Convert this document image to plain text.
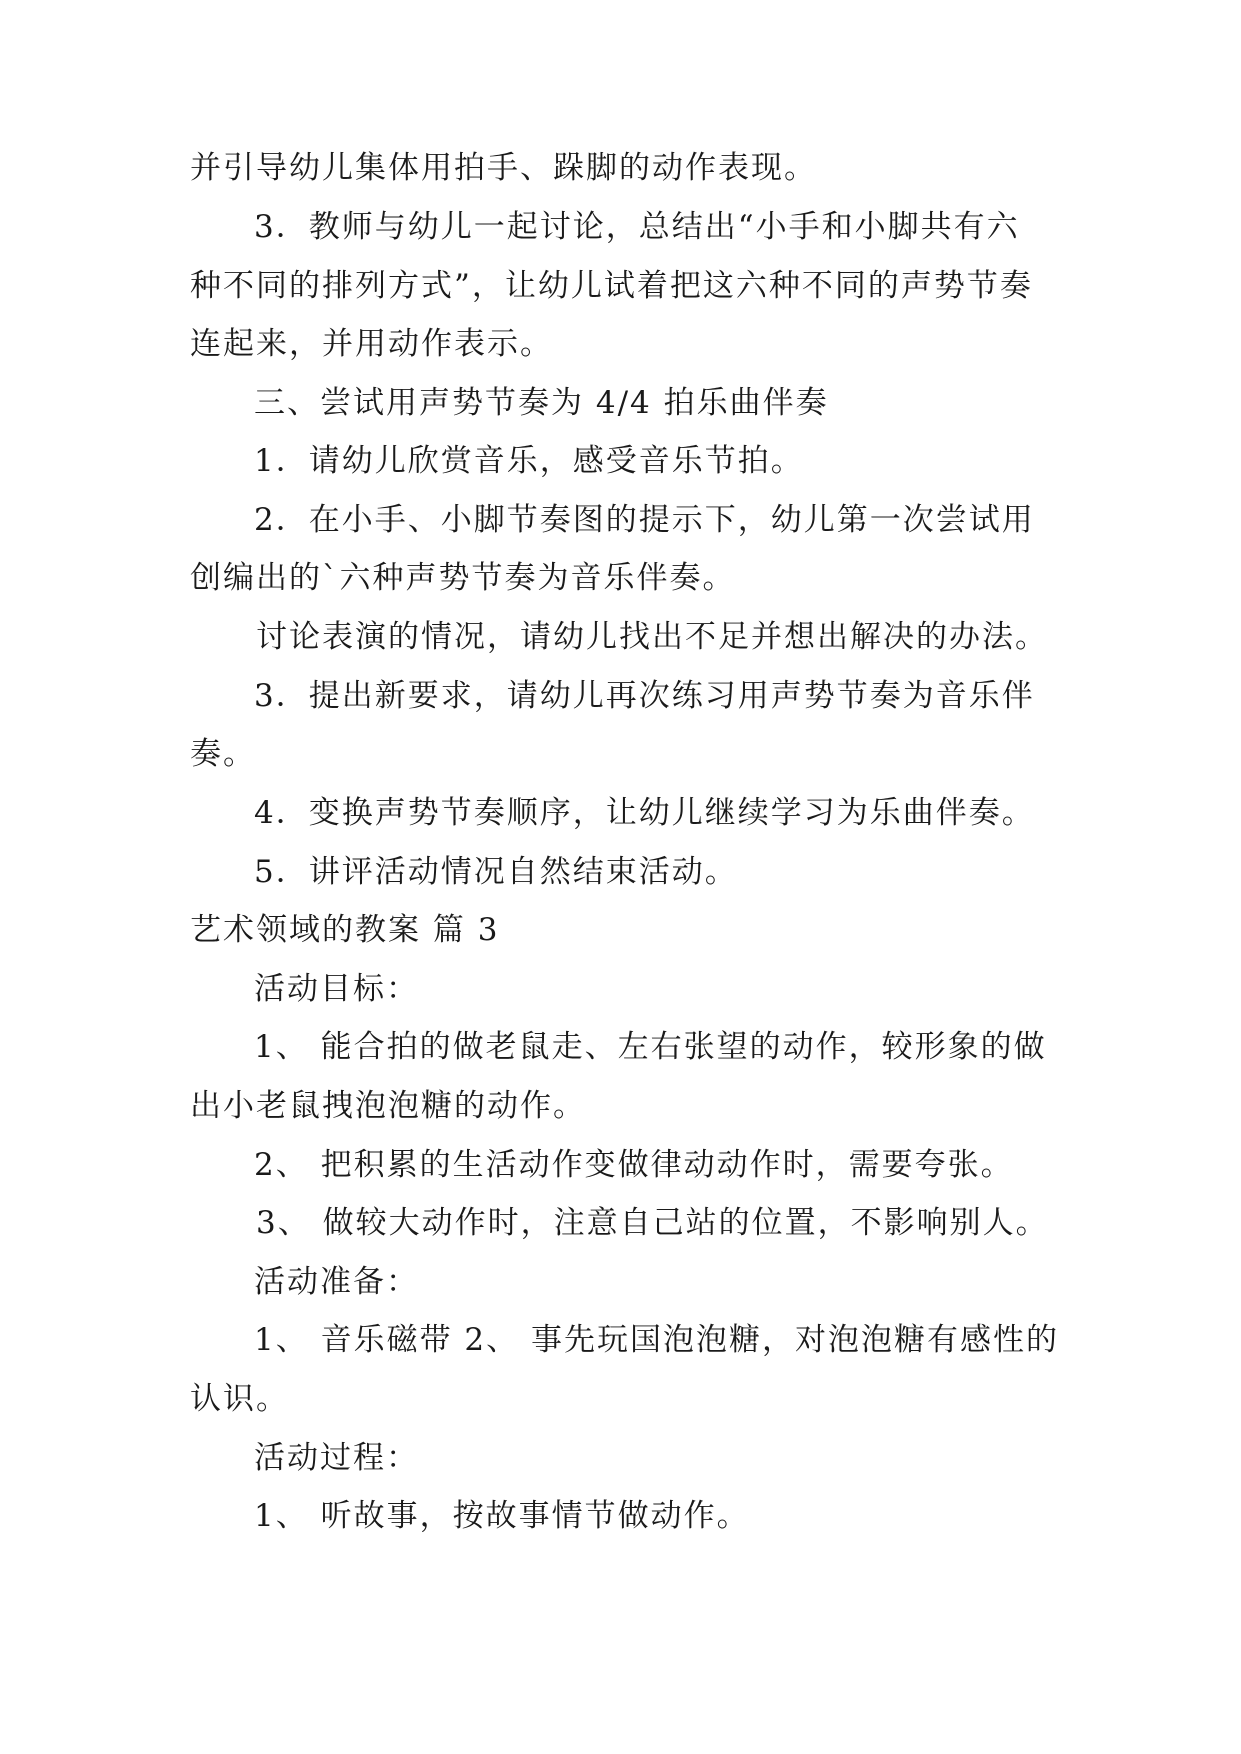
并引导幼儿集体用拍手、跺脚的动作表现。
3．教师与幼儿一起讨论，总结出“小手和小脚共有六
种不同的排列方式”，让幼儿试着把这六种不同的声势节奏
连起来，并用动作表示。
三、尝试用声势节奏为 4/4 拍乐曲伴奏
1．请幼儿欣赏音乐，感受音乐节拍。
2．在小手、小脚节奏图的提示下，幼儿第一次尝试用
创编出的`六种声势节奏为音乐伴奏。
讨论表演的情况，请幼儿找出不足并想出解决的办法。
3．提出新要求，请幼儿再次练习用声势节奏为音乐伴
奏。
4．变换声势节奏顺序，让幼儿继续学习为乐曲伴奏。
5．讲评活动情况自然结束活动。
艺术领域的教案 篇 3
活动目标：
1、 能合拍的做老鼠走、左右张望的动作，较形象的做
出小老鼠拽泡泡糖的动作。
2、 把积累的生活动作变做律动动作时，需要夸张。
3、 做较大动作时，注意自己站的位置，不影响别人。
活动准备：
1、 音乐磁带 2、 事先玩国泡泡糖，对泡泡糖有感性的
认识。
活动过程：
1、 听故事，按故事情节做动作。
